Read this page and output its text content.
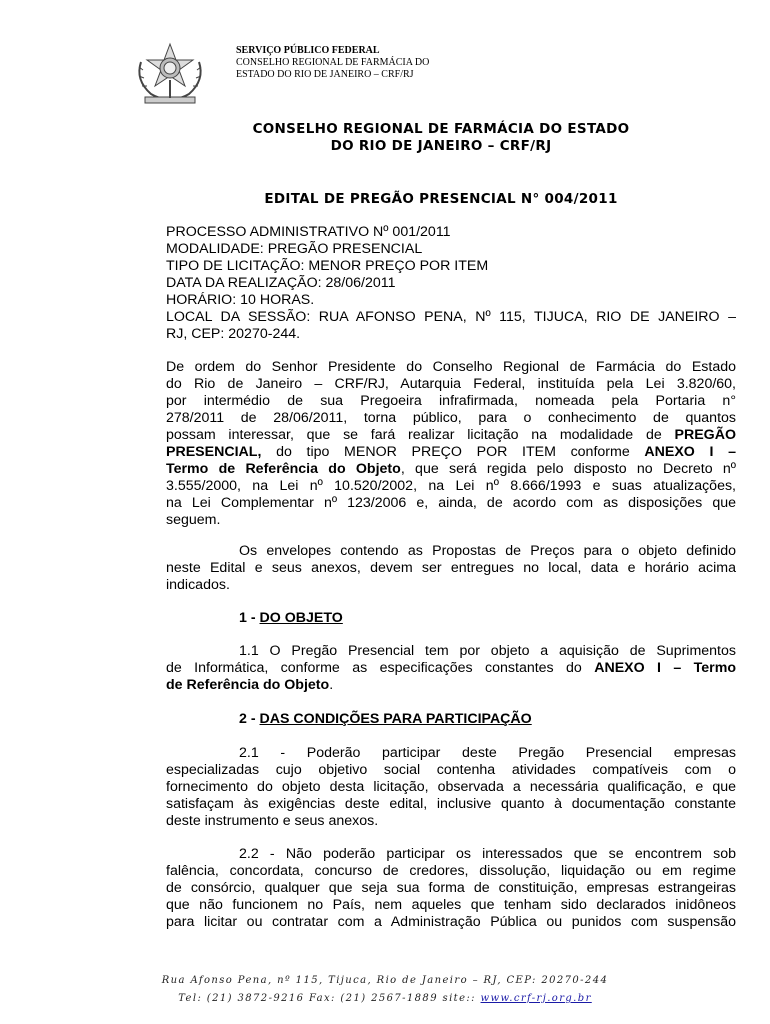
SERVIÇO PÚBLICO FEDERAL
CONSELHO REGIONAL DE FARMÁCIA DO
ESTADO DO RIO DE JANEIRO – CRF/RJ
CONSELHO REGIONAL DE FARMÁCIA DO ESTADO
DO RIO DE JANEIRO – CRF/RJ
EDITAL DE PREGÃO PRESENCIAL N° 004/2011
PROCESSO ADMINISTRATIVO Nº 001/2011
MODALIDADE: PREGÃO PRESENCIAL
TIPO DE LICITAÇÃO: MENOR PREÇO POR ITEM
DATA DA REALIZAÇÃO: 28/06/2011
HORÁRIO: 10 HORAS.
LOCAL DA SESSÃO: RUA AFONSO PENA, Nº 115, TIJUCA, RIO DE JANEIRO –
RJ, CEP: 20270-244.
De ordem do Senhor Presidente do Conselho Regional de Farmácia do Estado
do Rio de Janeiro – CRF/RJ, Autarquia Federal, instituída pela Lei 3.820/60,
por intermédio de sua Pregoeira infrafirmada, nomeada pela Portaria n°
278/2011 de 28/06/2011, torna público, para o conhecimento de quantos
possam interessar, que se fará realizar licitação na modalidade de PREGÃO
PRESENCIAL, do tipo MENOR PREÇO POR ITEM conforme ANEXO I –
Termo de Referência do Objeto, que será regida pelo disposto no Decreto nº
3.555/2000, na Lei nº 10.520/2002, na Lei nº 8.666/1993 e suas atualizações,
na Lei Complementar nº 123/2006 e, ainda, de acordo com as disposições que
seguem.
Os envelopes contendo as Propostas de Preços para o objeto definido
neste Edital e seus anexos, devem ser entregues no local, data e horário acima
indicados.
1 - DO OBJETO
1.1 O Pregão Presencial tem por objeto a aquisição de Suprimentos
de Informática, conforme as especificações constantes do ANEXO I – Termo
de Referência do Objeto.
2 - DAS CONDIÇÕES PARA PARTICIPAÇÃO
2.1 - Poderão participar deste Pregão Presencial empresas
especializadas cujo objetivo social contenha atividades compatíveis com o
fornecimento do objeto desta licitação, observada a necessária qualificação, e que
satisfaçam às exigências deste edital, inclusive quanto à documentação constante
deste instrumento e seus anexos.
2.2 - Não poderão participar os interessados que se encontrem sob
falência, concordata, concurso de credores, dissolução, liquidação ou em regime
de consórcio, qualquer que seja sua forma de constituição, empresas estrangeiras
que não funcionem no País, nem aqueles que tenham sido declarados inidôneos
para licitar ou contratar com a Administração Pública ou punidos com suspensão
Rua Afonso Pena, nº 115, Tijuca, Rio de Janeiro – RJ, CEP: 20270-244
Tel: (21) 3872-9216 Fax: (21) 2567-1889 site:: www.crf-rj.org.br
